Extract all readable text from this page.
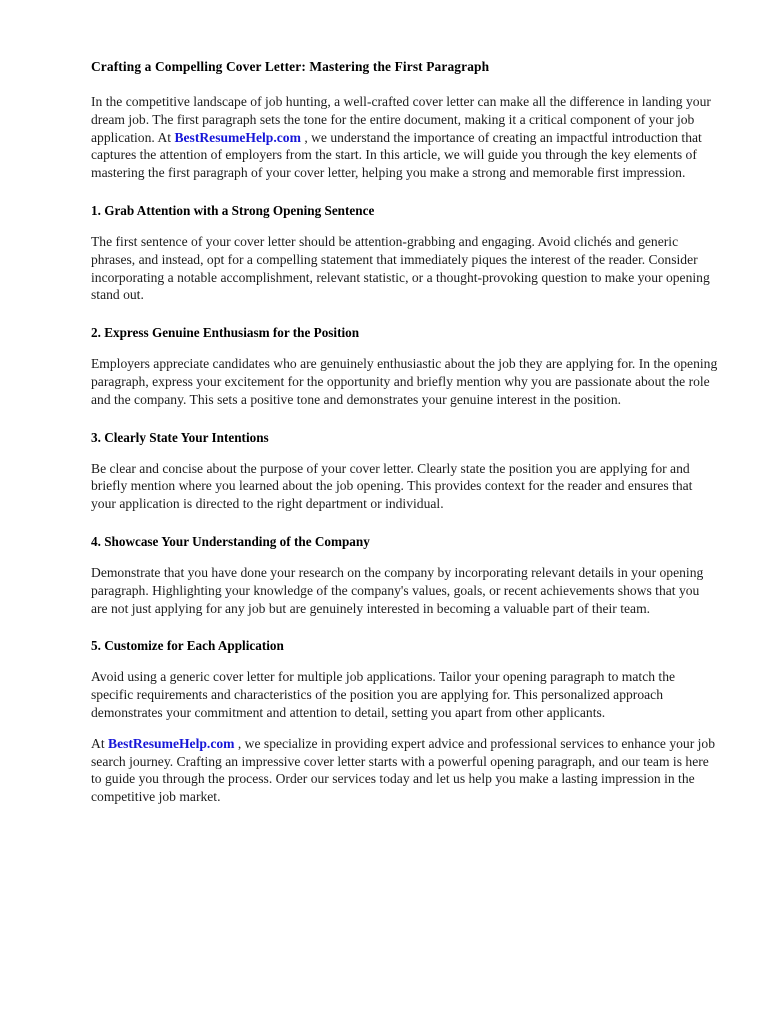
Crafting a Compelling Cover Letter: Mastering the First Paragraph

In the competitive landscape of job hunting, a well-crafted cover letter can make all the difference in landing your dream job. The first paragraph sets the tone for the entire document, making it a critical component of your job application. At BestResumeHelp.com , we understand the importance of creating an impactful introduction that captures the attention of employers from the start. In this article, we will guide you through the key elements of mastering the first paragraph of your cover letter, helping you make a strong and memorable first impression.

1. Grab Attention with a Strong Opening Sentence

The first sentence of your cover letter should be attention-grabbing and engaging. Avoid clichés and generic phrases, and instead, opt for a compelling statement that immediately piques the interest of the reader. Consider incorporating a notable accomplishment, relevant statistic, or a thought-provoking question to make your opening stand out.

2. Express Genuine Enthusiasm for the Position

Employers appreciate candidates who are genuinely enthusiastic about the job they are applying for. In the opening paragraph, express your excitement for the opportunity and briefly mention why you are passionate about the role and the company. This sets a positive tone and demonstrates your genuine interest in the position.

3. Clearly State Your Intentions

Be clear and concise about the purpose of your cover letter. Clearly state the position you are applying for and briefly mention where you learned about the job opening. This provides context for the reader and ensures that your application is directed to the right department or individual.

4. Showcase Your Understanding of the Company

Demonstrate that you have done your research on the company by incorporating relevant details in your opening paragraph. Highlighting your knowledge of the company's values, goals, or recent achievements shows that you are not just applying for any job but are genuinely interested in becoming a valuable part of their team.

5. Customize for Each Application

Avoid using a generic cover letter for multiple job applications. Tailor your opening paragraph to match the specific requirements and characteristics of the position you are applying for. This personalized approach demonstrates your commitment and attention to detail, setting you apart from other applicants.

At BestResumeHelp.com , we specialize in providing expert advice and professional services to enhance your job search journey. Crafting an impressive cover letter starts with a powerful opening paragraph, and our team is here to guide you through the process. Order our services today and let us help you make a lasting impression in the competitive job market.
